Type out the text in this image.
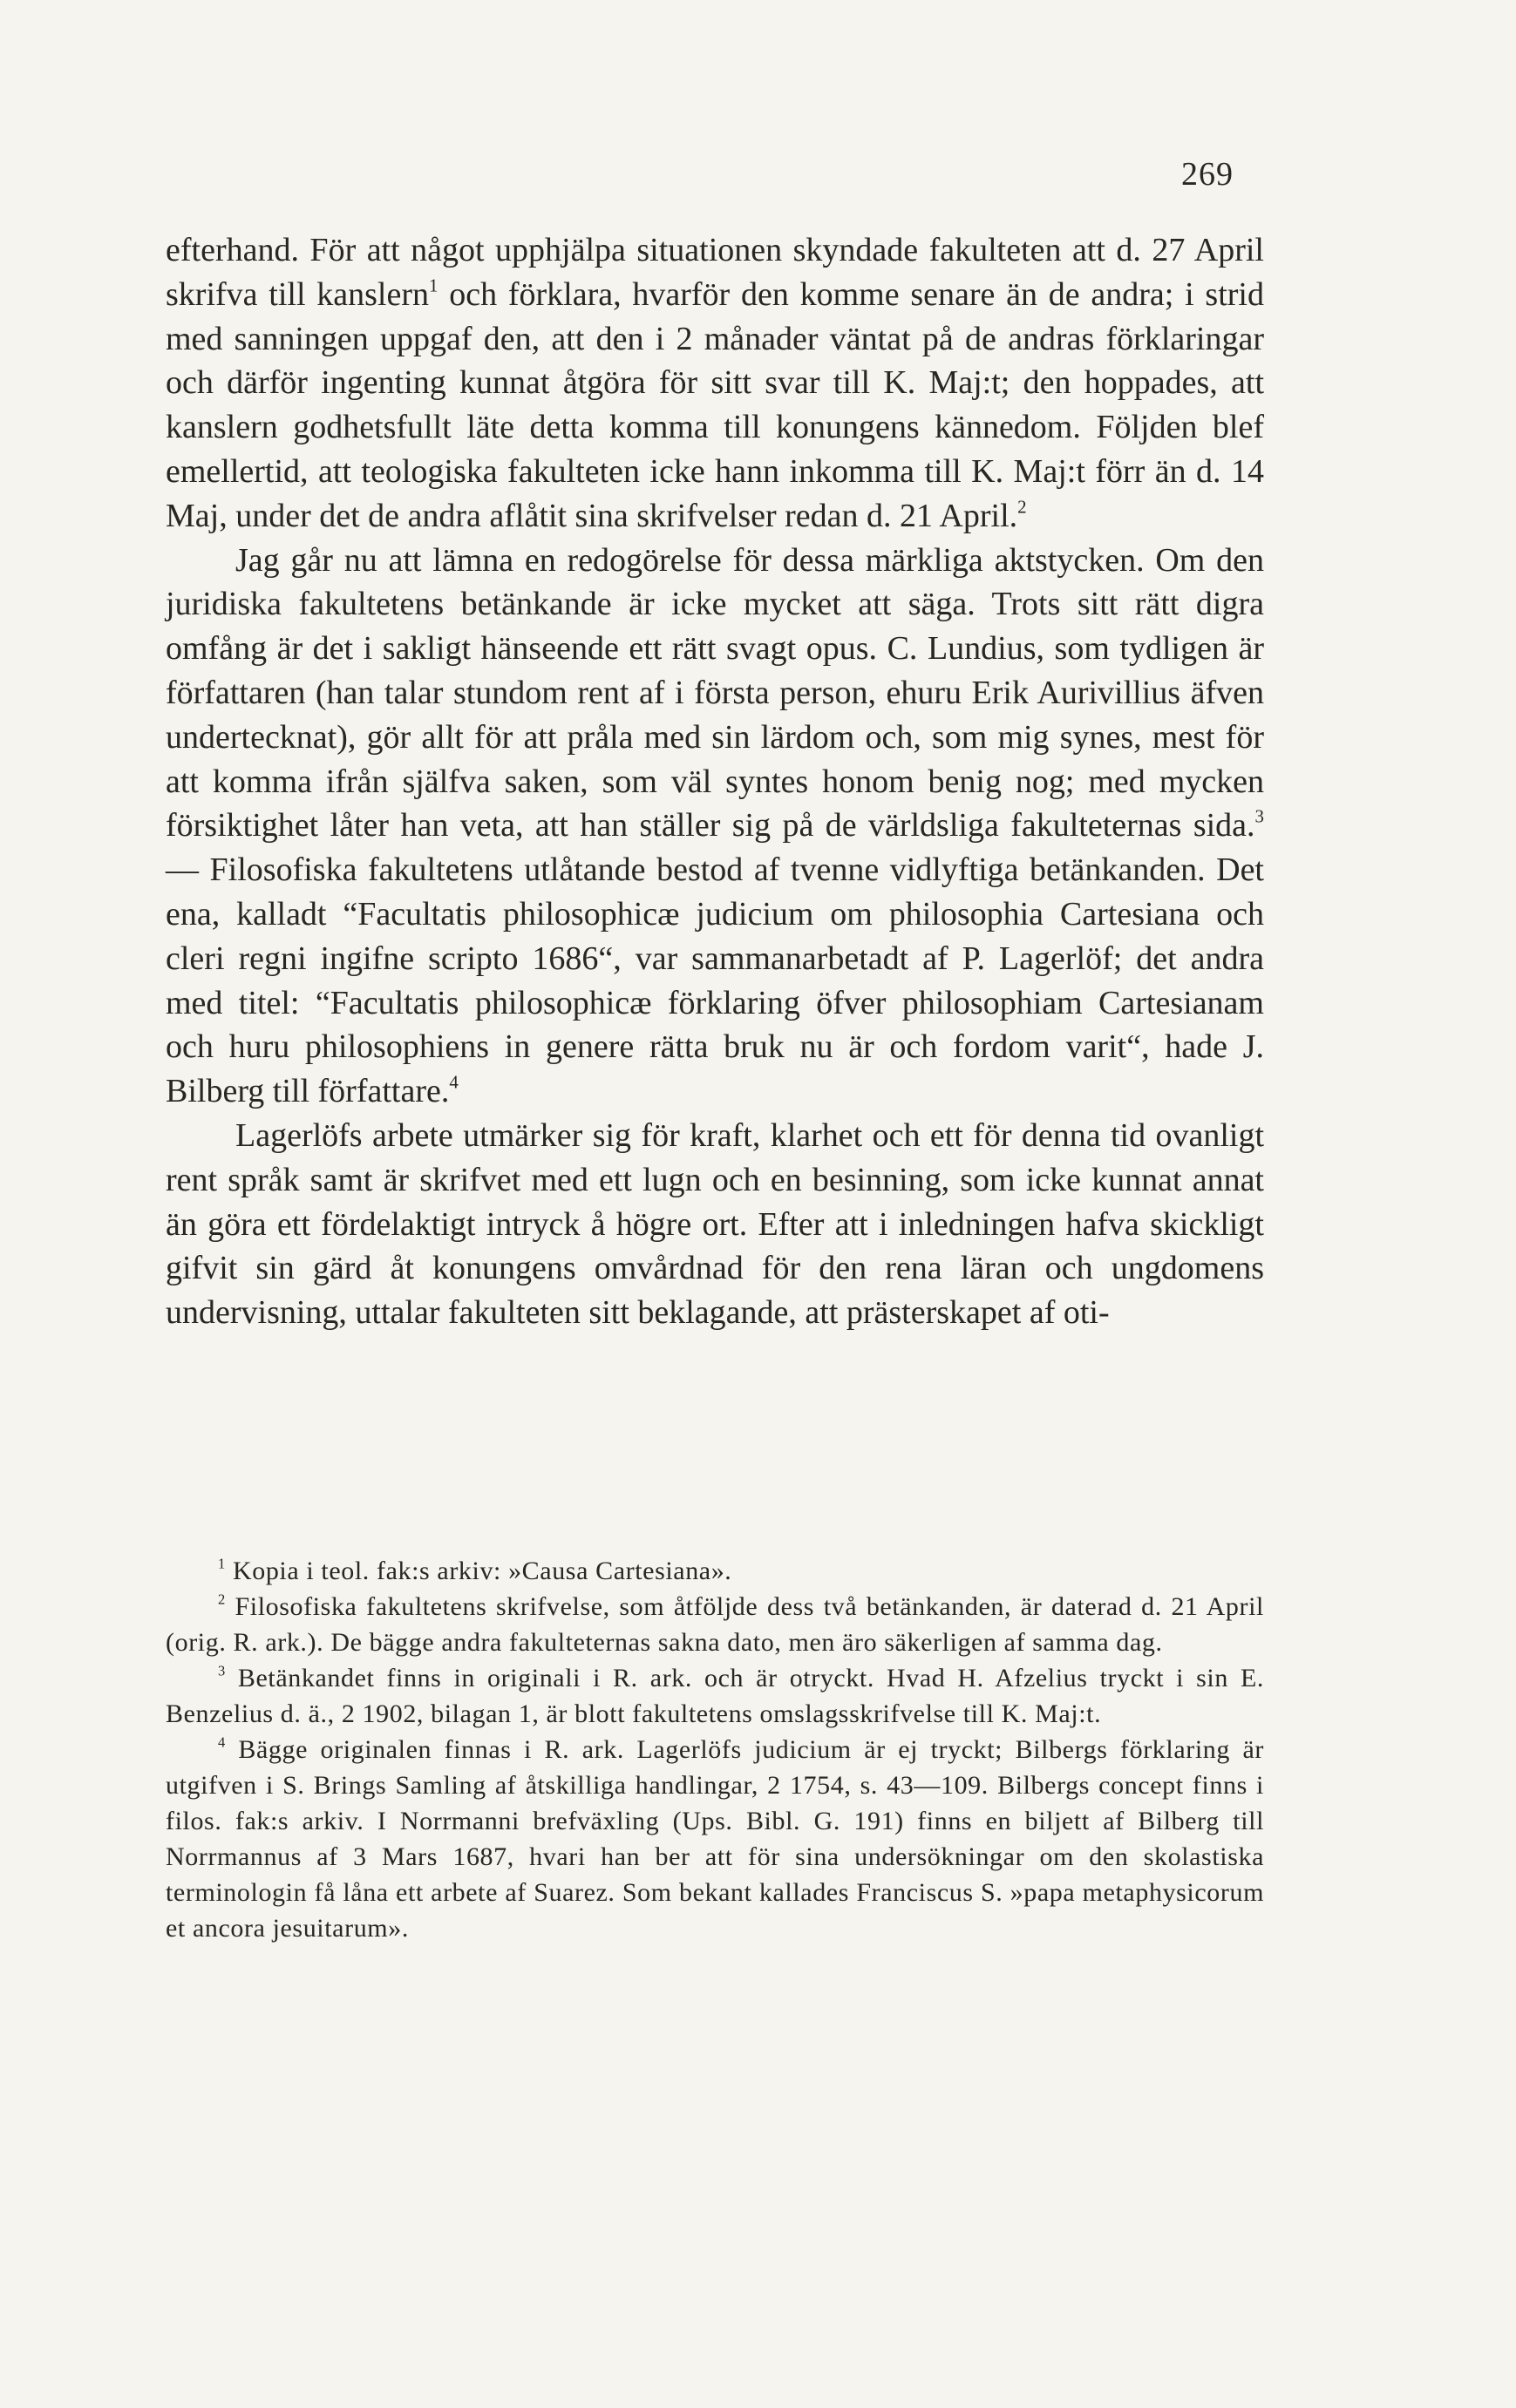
269

efterhand. För att något upphjälpa situationen skyndade fakulteten att d. 27 April skrifva till kanslern$^1$ och förklara, hvarför den komme senare än de andra; i strid med sanningen uppgaf den, att den i 2 månader väntat på de andras förklaringar och därför ingenting kunnat åtgöra för sitt svar till K. Maj:t; den hoppades, att kanslern godhetsfullt läte detta komma till konungens kännedom. Följden blef emellertid, att teologiska fakulteten icke hann inkomma till K. Maj:t förr än d. 14 Maj, under det de andra aflåtit sina skrifvelser redan d. 21 April.$^2$

Jag går nu att lämna en redogörelse för dessa märkliga aktstycken. Om den juridiska fakultetens betänkande är icke mycket att säga. Trots sitt rätt digra omfång är det i sakligt hänseende ett rätt svagt opus. C. Lundius, som tydligen är författaren (han talar stundom rent af i första person, ehuru Erik Aurivillius äfven undertecknat), gör allt för att pråla med sin lärdom och, som mig synes, mest för att komma ifrån själfva saken, som väl syntes honom benig nog; med mycken försiktighet låter han veta, att han ställer sig på de världsliga fakulteternas sida.$^3$ — Filosofiska fakultetens utlåtande bestod af tvenne vidlyftiga betänkanden. Det ena, kalladt “Facultatis philosophicæ judicium om philosophia Cartesiana och cleri regni ingifne scripto 1686“, var sammanarbetadt af P. Lagerlöf; det andra med titel: “Facultatis philosophicæ förklaring öfver philosophiam Cartesianam och huru philosophiens in genere rätta bruk nu är och fordom varit“, hade J. Bilberg till författare.$^4$

Lagerlöfs arbete utmärker sig för kraft, klarhet och ett för denna tid ovanligt rent språk samt är skrifvet med ett lugn och en besinning, som icke kunnat annat än göra ett fördelaktigt intryck å högre ort. Efter att i inledningen hafva skickligt gifvit sin gärd åt konungens omvårdnad för den rena läran och ungdomens undervisning, uttalar fakulteten sitt beklagande, att prästerskapet af oti-

$^1$ Kopia i teol. fak:s arkiv: »Causa Cartesiana».

$^2$ Filosofiska fakultetens skrifvelse, som åtföljde dess två betänkanden, är daterad d. 21 April (orig. R. ark.). De bägge andra fakulteternas sakna dato, men äro säkerligen af samma dag.

$^3$ Betänkandet finns in originali i R. ark. och är otryckt. Hvad H. Afzelius tryckt i sin E. Benzelius d. ä., 2 1902, bilagan 1, är blott fakultetens omslagsskrifvelse till K. Maj:t.

$^4$ Bägge originalen finnas i R. ark. Lagerlöfs judicium är ej tryckt; Bilbergs förklaring är utgifven i S. Brings Samling af åtskilliga handlingar, 2 1754, s. 43—109. Bilbergs concept finns i filos. fak:s arkiv. I Norrmanni brefväxling (Ups. Bibl. G. 191) finns en biljett af Bilberg till Norrmannus af 3 Mars 1687, hvari han ber att för sina undersökningar om den skolastiska terminologin få låna ett arbete af Suarez. Som bekant kallades Franciscus S. »papa metaphysicorum et ancora jesuitarum».
